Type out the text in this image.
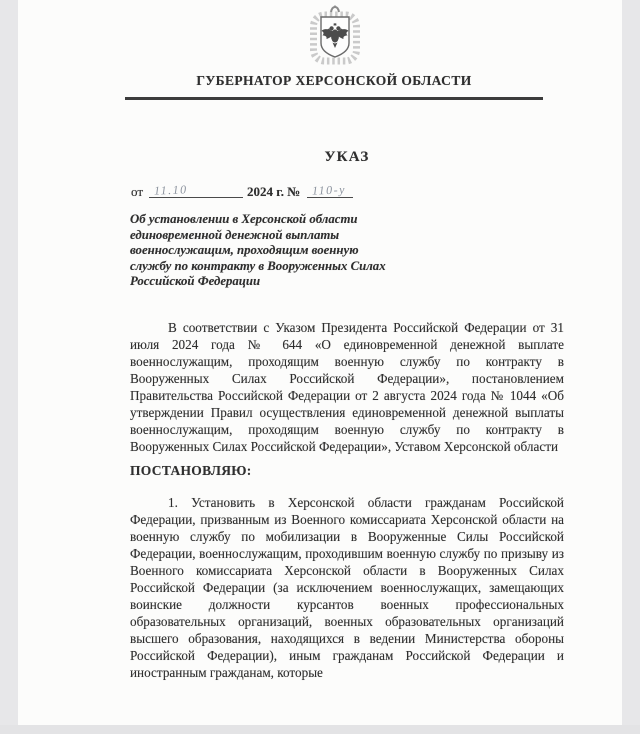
ГУБЕРНАТОР ХЕРСОНСКОЙ ОБЛАСТИ
УКАЗ
от 11.10	2024 г. № 110-у
Об установлении в Херсонской области единовременной денежной выплаты военнослужащим, проходящим военную службу по контракту в Вооруженных Силах Российской Федерации
В соответствии с Указом Президента Российской Федерации от 31 июля 2024 года № 644 «О единовременной денежной выплате военнослужащим, проходящим военную службу по контракту в Вооруженных Силах Российской Федерации», постановлением Правительства Российской Федерации от 2 августа 2024 года № 1044 «Об утверждении Правил осуществления единовременной денежной выплаты военнослужащим, проходящим военную службу по контракту в Вооруженных Силах Российской Федерации», Уставом Херсонской области
ПОСТАНОВЛЯЮ:
1. Установить в Херсонской области гражданам Российской Федерации, призванным из Военного комиссариата Херсонской области на военную службу по мобилизации в Вооруженные Силы Российской Федерации, военнослужащим, проходившим военную службу по призыву из Военного комиссариата Херсонской области в Вооруженных Силах Российской Федерации (за исключением военнослужащих, замещающих воинские должности курсантов военных профессиональных образовательных организаций, военных образовательных организаций высшего образования, находящихся в ведении Министерства обороны Российской Федерации), иным гражданам Российской Федерации и иностранным гражданам, которые
